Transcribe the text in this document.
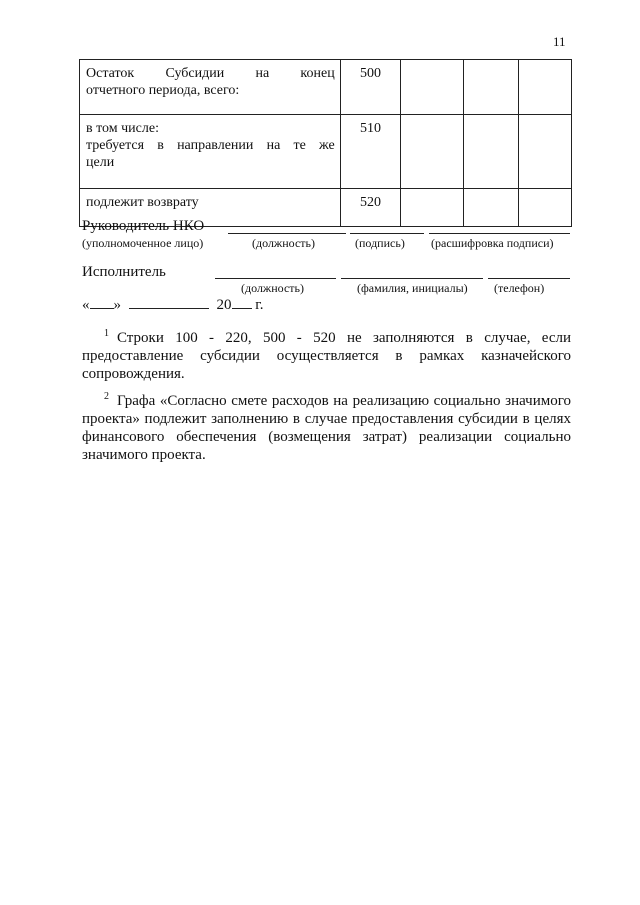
11
Остаток Субсидии на конец
отчетного периода, всего:	500			

в том числе:
требуется в направлении на те же
цели	510			

подлежит возврату	520			
Руководитель НКО
(уполномоченное лицо)	(должность)	(подпись) (расшифровка подписи)
Исполнитель
(должность)	(фамилия, инициалы) (телефон)
« »	20 г.

$^1$ Строки 100 - 220, 500 - 520 не заполняются в случае, если предоставление субсидии осуществляется в рамках казначейского сопровождения.

$^2$ Графа «Согласно смете расходов на реализацию социально значимого проекта» подлежит заполнению в случае предоставления субсидии в целях финансового обеспечения (возмещения затрат) реализации социально значимого проекта.
